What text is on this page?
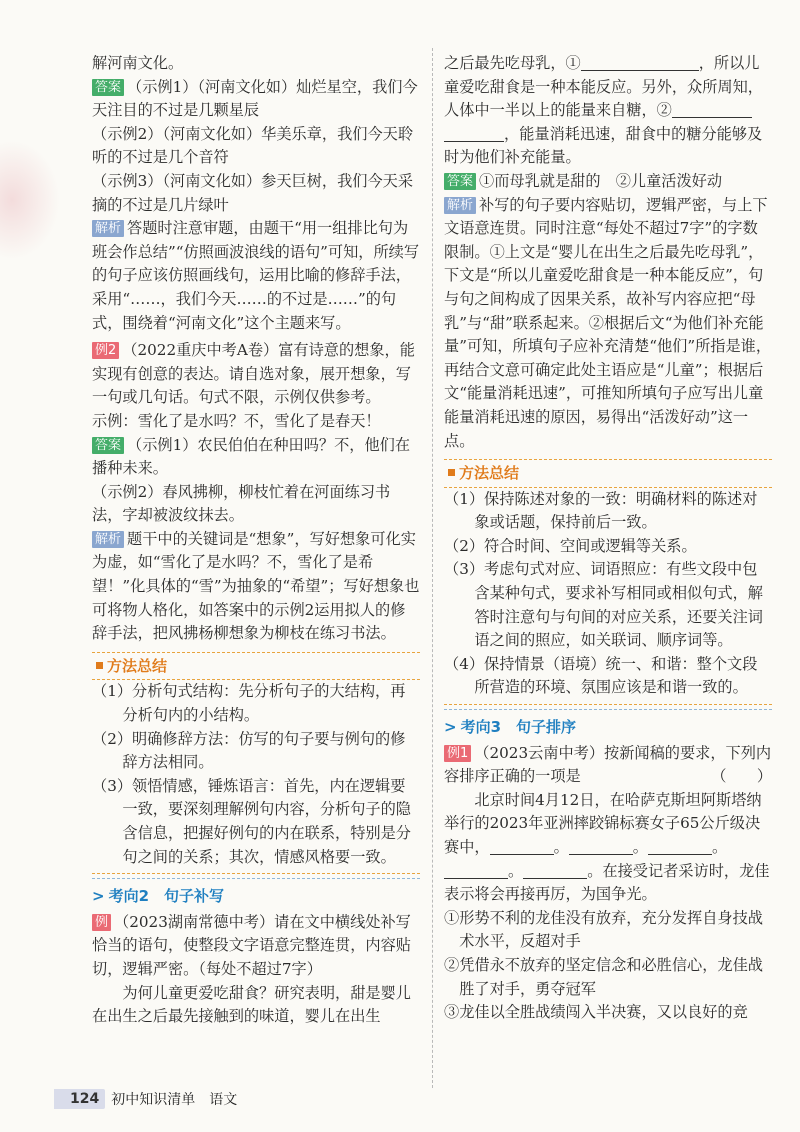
解河南文化。

答案 （示例1）（河南文化如）灿烂星空，我们今天注目的不过是几颗星辰

（示例2）（河南文化如）华美乐章，我们今天聆听的不过是几个音符

（示例3）（河南文化如）参天巨树，我们今天采摘的不过是几片绿叶

解析 答题时注意审题，由题干“用一组排比句为班会作总结”“仿照画波浪线的语句”可知，所续写的句子应该仿照画线句，运用比喻的修辞手法，采用“……，我们今天……的不过是……”的句式，围绕着“河南文化”这个主题来写。

例2 （2022重庆中考A卷）富有诗意的想象，能实现有创意的表达。请自选对象，展开想象，写一句或几句话。句式不限，示例仅供参考。

示例：雪化了是水吗？不，雪化了是春天！

答案 （示例1）农民伯伯在种田吗？不，他们在播种未来。

（示例2）春风拂柳，柳枝忙着在河面练习书法，字却被波纹抹去。

解析 题干中的关键词是“想象”，写好想象可化实为虚，如“雪化了是水吗？不，雪化了是希望！”化具体的“雪”为抽象的“希望”；写好想象也可将物人格化，如答案中的示例2运用拟人的修辞手法，把风拂杨柳想象为柳枝在练习书法。

方法总结

（1）分析句式结构：先分析句子的大结构，再分析句内的小结构。

（2）明确修辞方法：仿写的句子要与例句的修辞方法相同。

（3）领悟情感，锤炼语言：首先，内在逻辑要一致，要深刻理解例句内容，分析句子的隐含信息，把握好例句的内在联系，特别是分句之间的关系；其次，情感风格要一致。

> 考向2　句子补写

例 （2023湖南常德中考）请在文中横线处补写恰当的语句，使整段文字语意完整连贯，内容贴切，逻辑严密。（每处不超过7字）

为何儿童更爱吃甜食？研究表明，甜是婴儿在出生之后最先接触到的味道，婴儿在出生

之后最先吃母乳，①	，所以儿童爱吃甜食是一种本能反应。另外，众所周知，人体中一半以上的能量来自糖，②
，能量消耗迅速，甜食中的糖分能够及时为他们补充能量。

答案 ①而母乳就是甜的　②儿童活泼好动

解析 补写的句子要内容贴切，逻辑严密，与上下文语意连贯。同时注意“每处不超过7字”的字数限制。①上文是“婴儿在出生之后最先吃母乳”，下文是“所以儿童爱吃甜食是一种本能反应”，句与句之间构成了因果关系，故补写内容应把“母乳”与“甜”联系起来。②根据后文“为他们补充能量”可知，所填句子应补充清楚“他们”所指是谁，再结合文意可确定此处主语应是“儿童”；根据后文“能量消耗迅速”，可推知所填句子应写出儿童能量消耗迅速的原因，易得出“活泼好动”这一点。

方法总结

（1）保持陈述对象的一致：明确材料的陈述对象或话题，保持前后一致。

（2）符合时间、空间或逻辑等关系。

（3）考虑句式对应、词语照应：有些文段中包含某种句式，要求补写相同或相似句式，解答时注意句与句间的对应关系，还要关注词语之间的照应，如关联词、顺序词等。

（4）保持情景（语境）统一、和谐：整个文段所营造的环境、氛围应该是和谐一致的。

> 考向3　句子排序

例1 （2023云南中考）按新闻稿的要求，下列内容排序正确的一项是	（　　）

北京时间4月12日，在哈萨克斯坦阿斯塔纳举行的2023年亚洲摔跤锦标赛女子65公斤级决赛中，	。	。	。
。	。在接受记者采访时，龙佳表示将会再接再厉，为国争光。

①形势不利的龙佳没有放弃，充分发挥自身技战术水平，反超对手

②凭借永不放弃的坚定信念和必胜信心，龙佳战胜了对手，勇夺冠军

③龙佳以全胜战绩闯入半决赛，又以良好的竞

124 初中知识清单　语文
